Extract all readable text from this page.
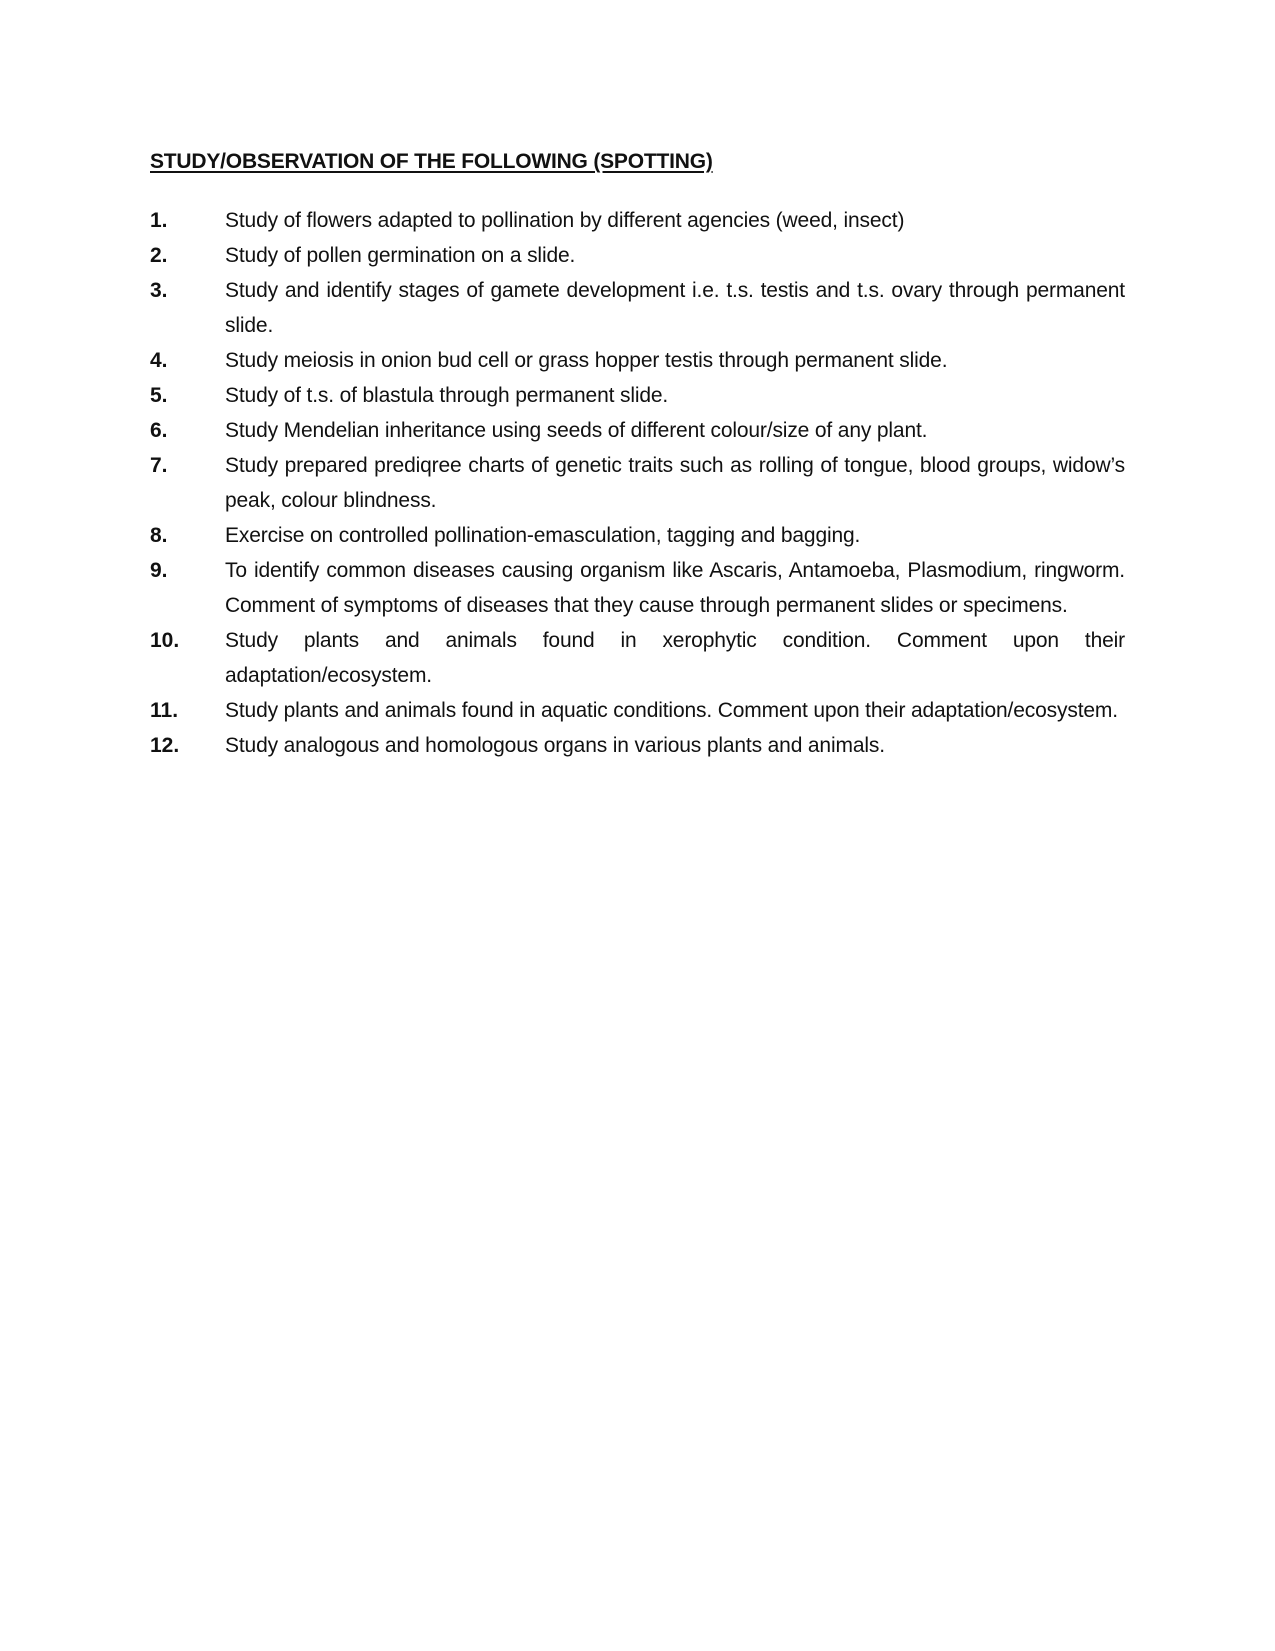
STUDY/OBSERVATION OF THE FOLLOWING (SPOTTING)
1.	Study of flowers adapted to pollination by different agencies (weed, insect)
2.	Study of pollen germination on a slide.
3.	Study and identify stages of gamete development i.e. t.s. testis and t.s. ovary through permanent slide.
4.	Study meiosis in onion bud cell or grass hopper testis through permanent slide.
5.	Study of t.s. of blastula through permanent slide.
6.	Study Mendelian inheritance using seeds of different colour/size of any plant.
7.	Study prepared prediqree charts of genetic traits such as rolling of tongue, blood groups, widow’s peak, colour blindness.
8.	Exercise on controlled pollination-emasculation, tagging and bagging.
9.	To identify common diseases causing organism like Ascaris, Antamoeba, Plasmodium, ringworm. Comment of symptoms of diseases that they cause through permanent slides or specimens.
10.	Study plants and animals found in xerophytic condition. Comment upon their adaptation/ecosystem.
11.	Study plants and animals found in aquatic conditions. Comment upon their adaptation/ecosystem.
12.	Study analogous and homologous organs in various plants and animals.
